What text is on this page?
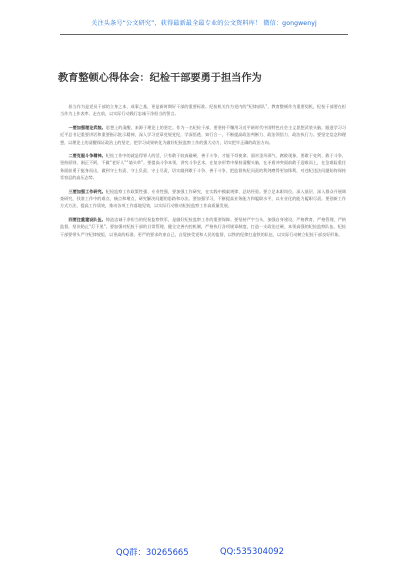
关注头条号“公文研究”，获得最新最全最专业的公文资料库！ 微信：gongwenyj
教育整顿心得体会：纪检干部要勇于担当作为

担当作为是党员干部的立身之本、成事之基，更是新时期好干部的重要标准。纪检机关作为党内的“纪律部队”，教育整顿作为重要契机，纪检干部要在担当作为上作表率、走在前，以实际行动践行忠诚干净担当的誓言。

一要加强理论武装。思想上的清醒，来源于理论上的坚定。作为一名纪检干部，要坚持不懈用习近平新时代中国特色社会主义思想武装头脑，跟进学习习近平总书记重要讲话和重要指示批示精神，深入学习党章党规党纪，学深悟透、知行合一，不断提高政治判断力、政治领悟力、政治执行力。要坚定信念和理想，以理论上的清醒保证政治上的坚定，把学习成果转化为做好纪检监察工作的强大动力，切实把牢正确的政治方向。

二要克服斗争精神。纪检工作中的就是得罪人的活，只有敢于较真碰硬、善于斗争，才能不辱使命。面对歪风邪气、腐败现象，要敢于亮剑、敢于斗争，坚持原则、刚正不阿，不做“老好人”“墙头草”。要提高斗争本领，讲究斗争艺术，在复杂形势中保持清醒头脑，在矛盾冲突面前敢于迎难而上，在急难险重任务面前勇于挺身而出，做到守土有责、守土负责、守土尽责，切实做到敢于斗争、善于斗争，把监督执纪问责的利剑磨得更加锋利，对违纪违法问题始终保持零容忍的高压态势。

三要加强工作研究。纪检监察工作政策性强、专业性强，要加强工作研究，在实践中摸索规律、总结经验。要立足本职岗位，深入基层、深入群众开展调查研究，找准工作中的难点、痛点和堵点，研究解决问题的思路和办法。要加强学习，不断提高业务能力和履职水平，以专业化的能力履职尽责。要创新工作方式方法，提高工作质效，推动各项工作落地见效，以实际行动推动纪检监察工作高质量发展。

四要注重建设队伍。铸造忠诚干净担当的纪检监察铁军，是做好纪检监察工作的重要保障。要坚持严字当头，加强自身建设，严格教育、严格管理、严格监督，坚决防止“灯下黑”。要加强对纪检干部的日常管理，健全完善内控机制，严格执行各项规章制度，打造一支政治过硬、本领高强的纪检监察队伍。纪检干部要带头严守纪律规矩，以更高的标准、更严的要求约束自己，自觉接受党和人民的监督，以铁的纪律打造铁的队伍，以实际行动树立纪检干部良好形象。

QQ群：30265665	QQ:535304092
